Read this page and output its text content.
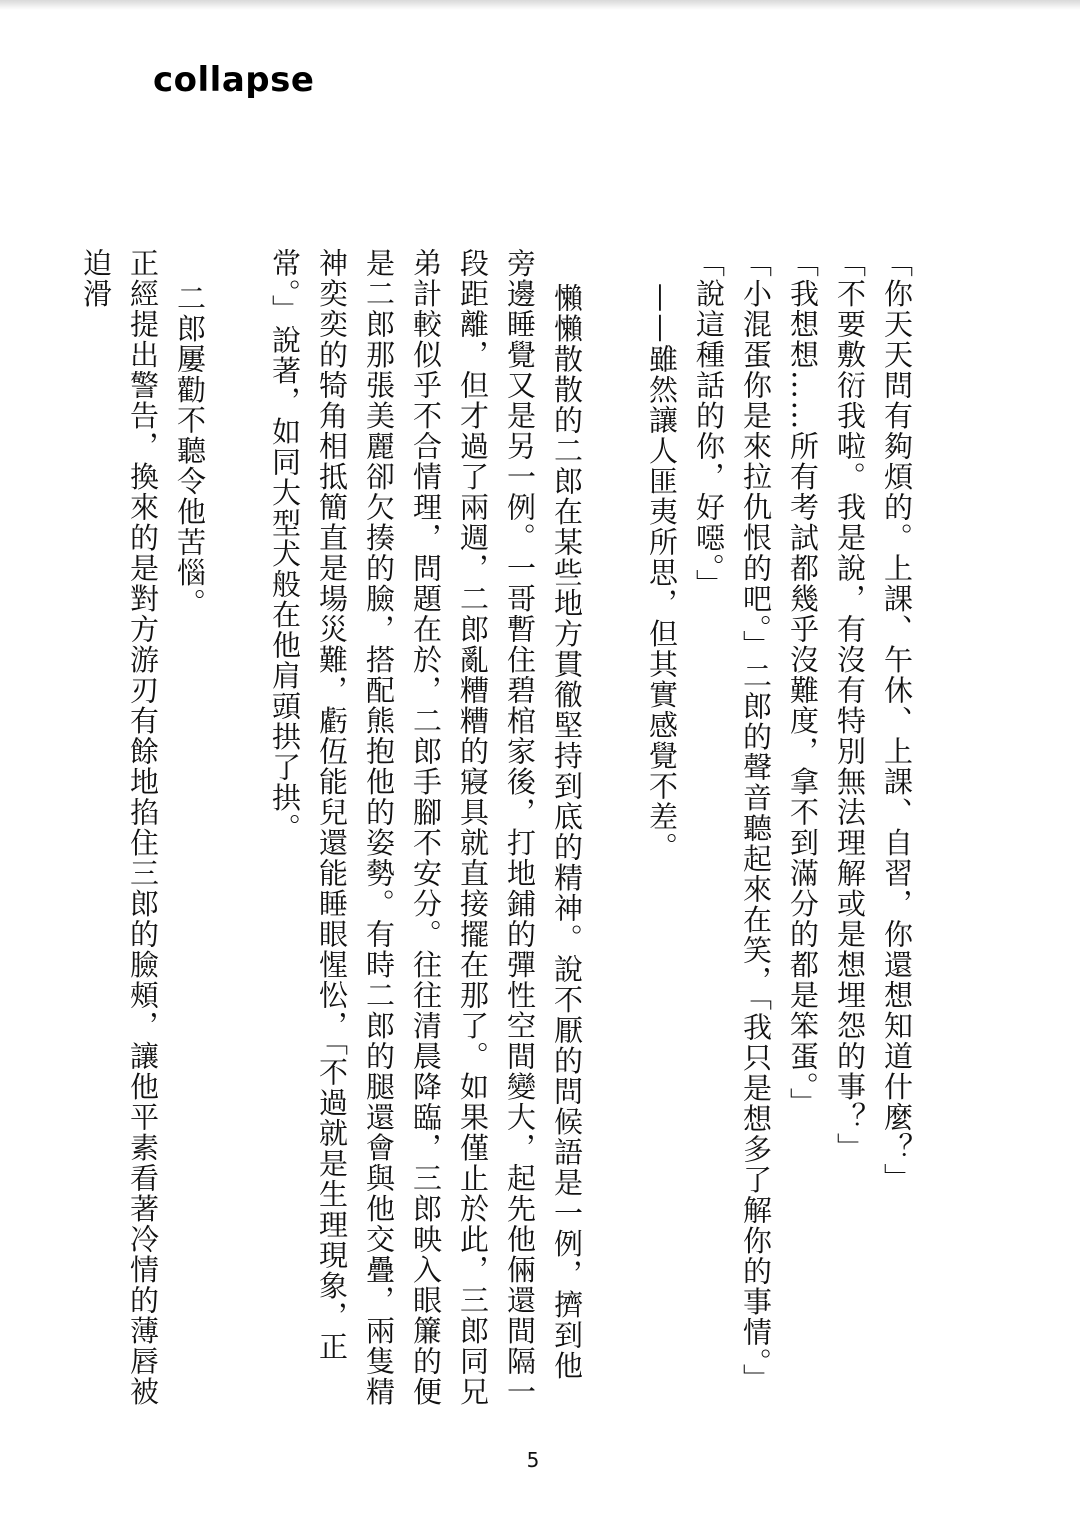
collapse

「你天天問有夠煩的。上課、午休、上課、自習，你還想知道什麼？」

「不要敷衍我啦。我是說，有沒有特別無法理解或是想埋怨的事？」

「我想想……所有考試都幾乎沒難度，拿不到滿分的都是笨蛋。」

「小混蛋你是來拉仇恨的吧。」二郎的聲音聽起來在笑，「我只是想多了解你的事情。」

「說這種話的你，好噁。」

——雖然讓人匪夷所思，但其實感覺不差。

懶懶散散的二郎在某些地方貫徹堅持到底的精神。說不厭的問候語是一例，擠到他旁邊睡覺又是另一例。一哥暫住碧棺家後，打地鋪的彈性空間變大，起先他倆還間隔一段距離，但才過了兩週，二郎亂糟糟的寢具就直接擺在那了。如果僅止於此，三郎同兄弟計較似乎不合情理，問題在於，二郎手腳不安分。往往清晨降臨，三郎映入眼簾的便是二郎那張美麗卻欠揍的臉，搭配熊抱他的姿勢。有時二郎的腿還會與他交疊，兩隻精神奕奕的犄角相抵簡直是場災難，虧仾能兒還能睡眼惺忪，「不過就是生理現象，正常。」說著，如同大型犬般在他肩頭拱了拱。

二郎屢勸不聽令他苦惱。

正經提出警告，換來的是對方游刃有餘地掐住三郎的臉頰，讓他平素看著冷情的薄唇被迫滑

5
